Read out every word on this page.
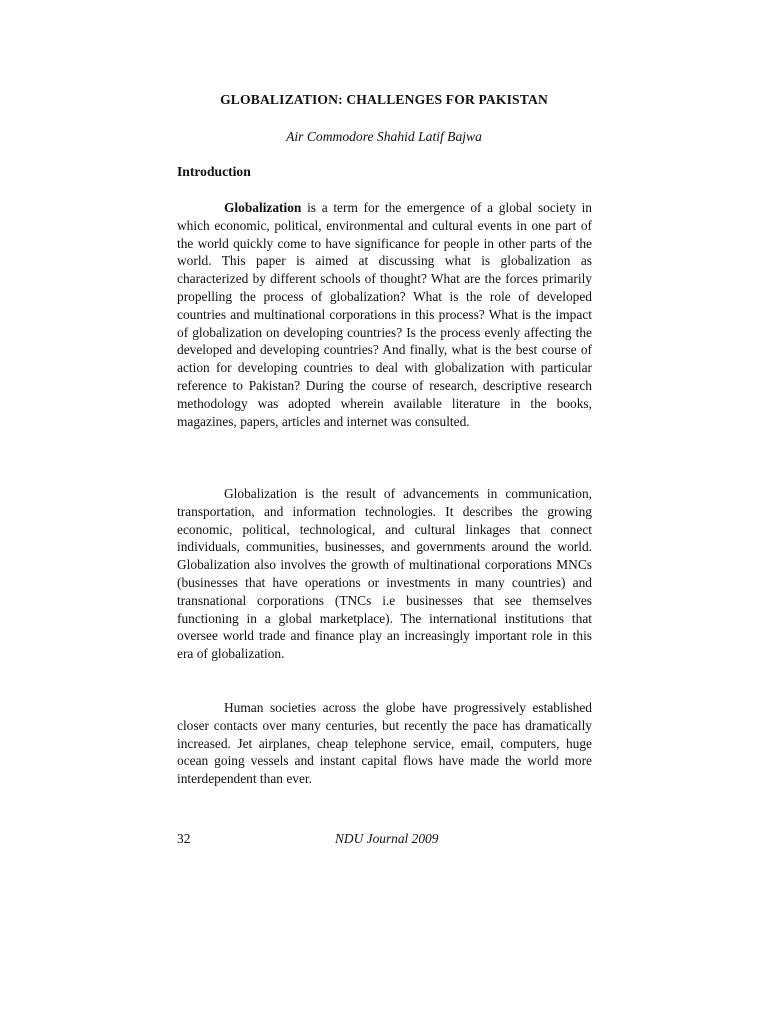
GLOBALIZATION: CHALLENGES FOR PAKISTAN
Air Commodore Shahid Latif Bajwa
Introduction

Globalization is a term for the emergence of a global society in which economic, political, environmental and cultural events in one part of the world quickly come to have significance for people in other parts of the world. This paper is aimed at discussing what is globalization as characterized by different schools of thought? What are the forces primarily propelling the process of globalization? What is the role of developed countries and multinational corporations in this process? What is the impact of globalization on developing countries? Is the process evenly affecting the developed and developing countries? And finally, what is the best course of action for developing countries to deal with globalization with particular reference to Pakistan? During the course of research, descriptive research methodology was adopted wherein available literature in the books, magazines, papers, articles and internet was consulted.

Globalization is the result of advancements in communication, transportation, and information technologies. It describes the growing economic, political, technological, and cultural linkages that connect individuals, communities, businesses, and governments around the world. Globalization also involves the growth of multinational corporations MNCs (businesses that have operations or investments in many countries) and transnational corporations (TNCs i.e businesses that see themselves functioning in a global marketplace). The international institutions that oversee world trade and finance play an increasingly important role in this era of globalization.

Human societies across the globe have progressively established closer contacts over many centuries, but recently the pace has dramatically increased. Jet airplanes, cheap telephone service, email, computers, huge ocean going vessels and instant capital flows have made the world more interdependent than ever.

32	NDU Journal 2009
